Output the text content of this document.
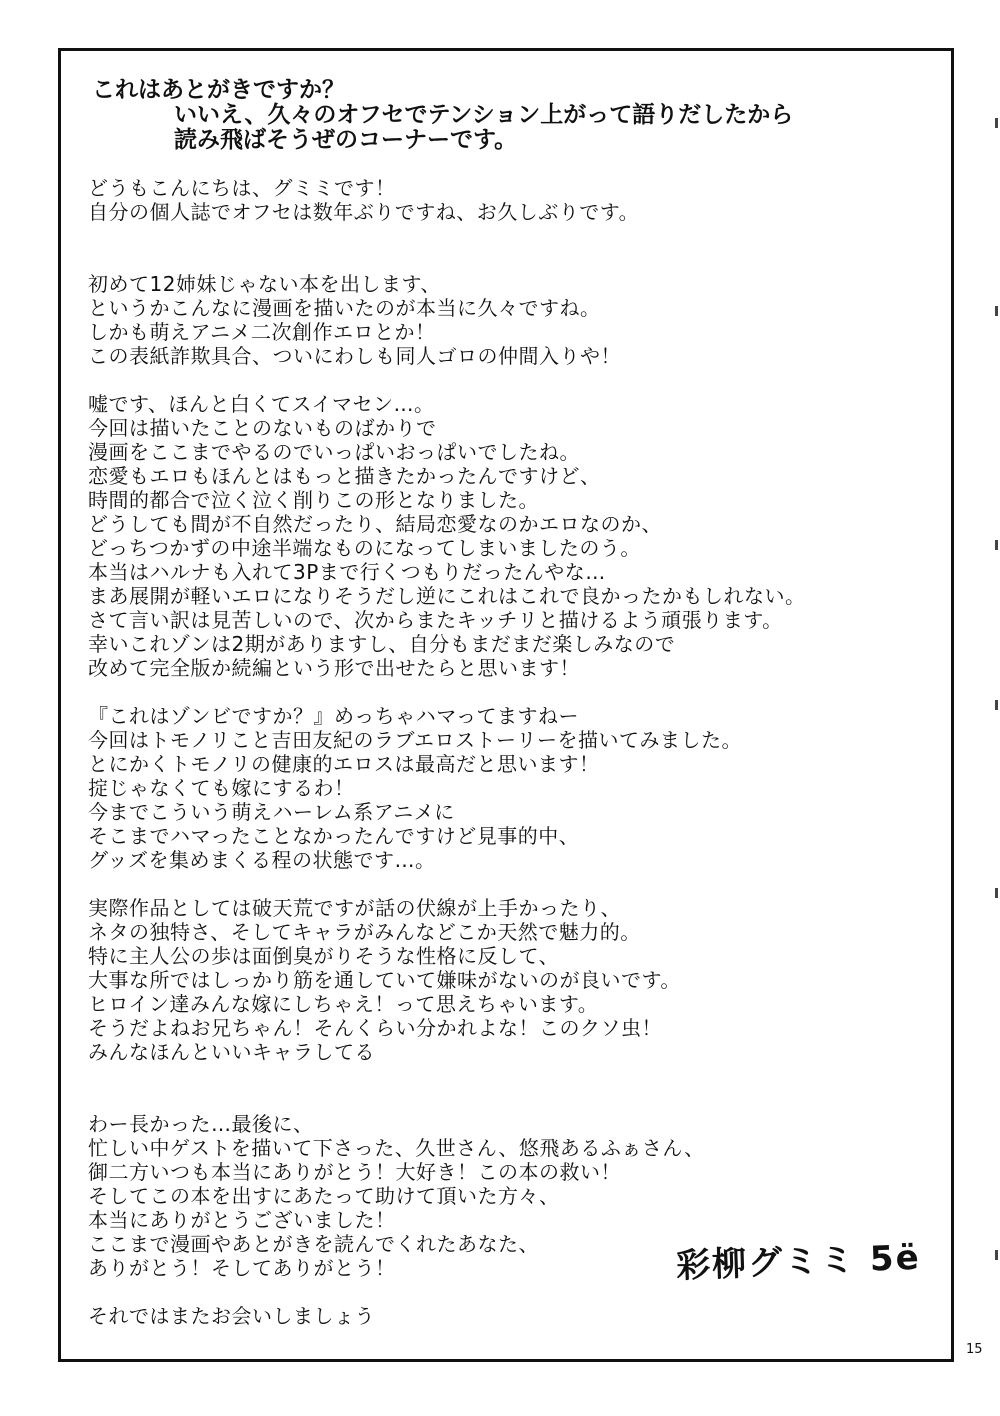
これはあとがきですか？
いいえ、久々のオフセでテンション上がって語りだしたから
読み飛ばそうぜのコーナーです。
どうもこんにちは、グミミです！
自分の個人誌でオフセは数年ぶりですね、お久しぶりです。
初めて12姉妹じゃない本を出します、
というかこんなに漫画を描いたのが本当に久々ですね。
しかも萌えアニメ二次創作エロとか！
この表紙詐欺具合、ついにわしも同人ゴロの仲間入りや！
嘘です、ほんと白くてスイマセン…。
今回は描いたことのないものばかりで
漫画をここまでやるのでいっぱいおっぱいでしたね。
恋愛もエロもほんとはもっと描きたかったんですけど、
時間的都合で泣く泣く削りこの形となりました。
どうしても間が不自然だったり、結局恋愛なのかエロなのか、
どっちつかずの中途半端なものになってしまいましたのう。
本当はハルナも入れて3Pまで行くつもりだったんやな…
まあ展開が軽いエロになりそうだし逆にこれはこれで良かったかもしれない。
さて言い訳は見苦しいので、次からまたキッチリと描けるよう頑張ります。
幸いこれゾンは2期がありますし、自分もまだまだ楽しみなので
改めて完全版か続編という形で出せたらと思います！
『これはゾンビですか？』めっちゃハマってますねー
今回はトモノリこと吉田友紀のラブエロストーリーを描いてみました。
とにかくトモノリの健康的エロスは最高だと思います！
掟じゃなくても嫁にするわ！
今までこういう萌えハーレム系アニメに
そこまでハマったことなかったんですけど見事的中、
グッズを集めまくる程の状態です…。
実際作品としては破天荒ですが話の伏線が上手かったり、
ネタの独特さ、そしてキャラがみんなどこか天然で魅力的。
特に主人公の歩は面倒臭がりそうな性格に反して、
大事な所ではしっかり筋を通していて嫌味がないのが良いです。
ヒロイン達みんな嫁にしちゃえ！って思えちゃいます。
そうだよねお兄ちゃん！そんくらい分かれよな！このクソ虫！
みんなほんといいキャラしてる
わー長かった…最後に、
忙しい中ゲストを描いて下さった、久世さん、悠飛あるふぁさん、
御二方いつも本当にありがとう！大好き！この本の救い！
そしてこの本を出すにあたって助けて頂いた方々、
本当にありがとうございました！
ここまで漫画やあとがきを読んでくれたあなた、
ありがとう！そしてありがとう！

それではまたお会いしましょう
彩柳グミミ 5ë
15
